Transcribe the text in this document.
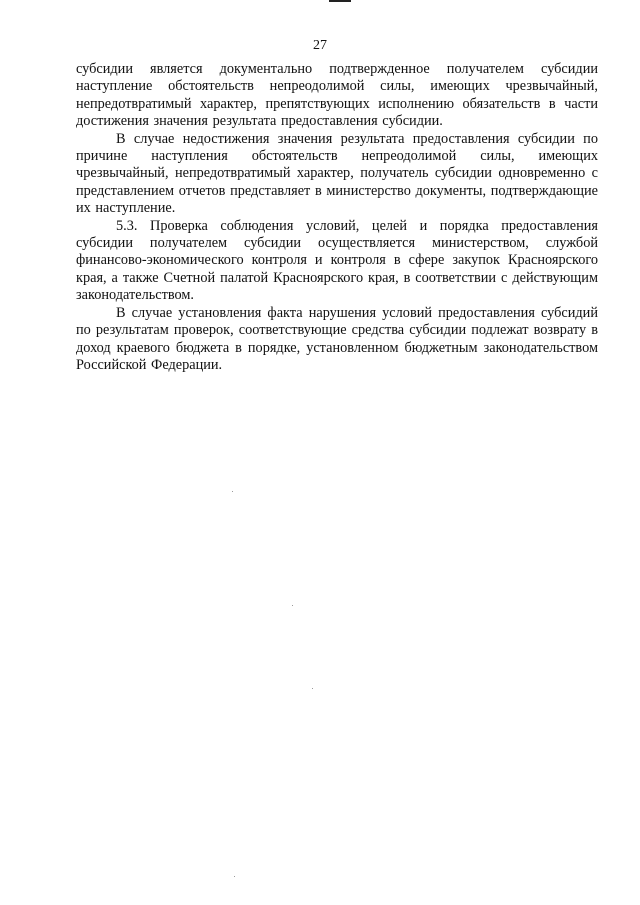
27

субсидии является документально подтвержденное получателем субсидии наступление обстоятельств непреодолимой силы, имеющих чрезвычайный, непредотвратимый характер, препятствующих исполнению обязательств в части достижения значения результата предоставления субсидии.

В случае недостижения значения результата предоставления субсидии по причине наступления обстоятельств непреодолимой силы, имеющих чрезвычайный, непредотвратимый характер, получатель субсидии одновременно с представлением отчетов представляет в министерство документы, подтверждающие их наступление.

5.3. Проверка соблюдения условий, целей и порядка предоставления субсидии получателем субсидии осуществляется министерством, службой финансово-экономического контроля и контроля в сфере закупок Красноярского края, а также Счетной палатой Красноярского края, в соответствии с действующим законодательством.

В случае установления факта нарушения условий предоставления субсидий по результатам проверок, соответствующие средства субсидии подлежат возврату в доход краевого бюджета в порядке, установленном бюджетным законодательством Российской Федерации.
